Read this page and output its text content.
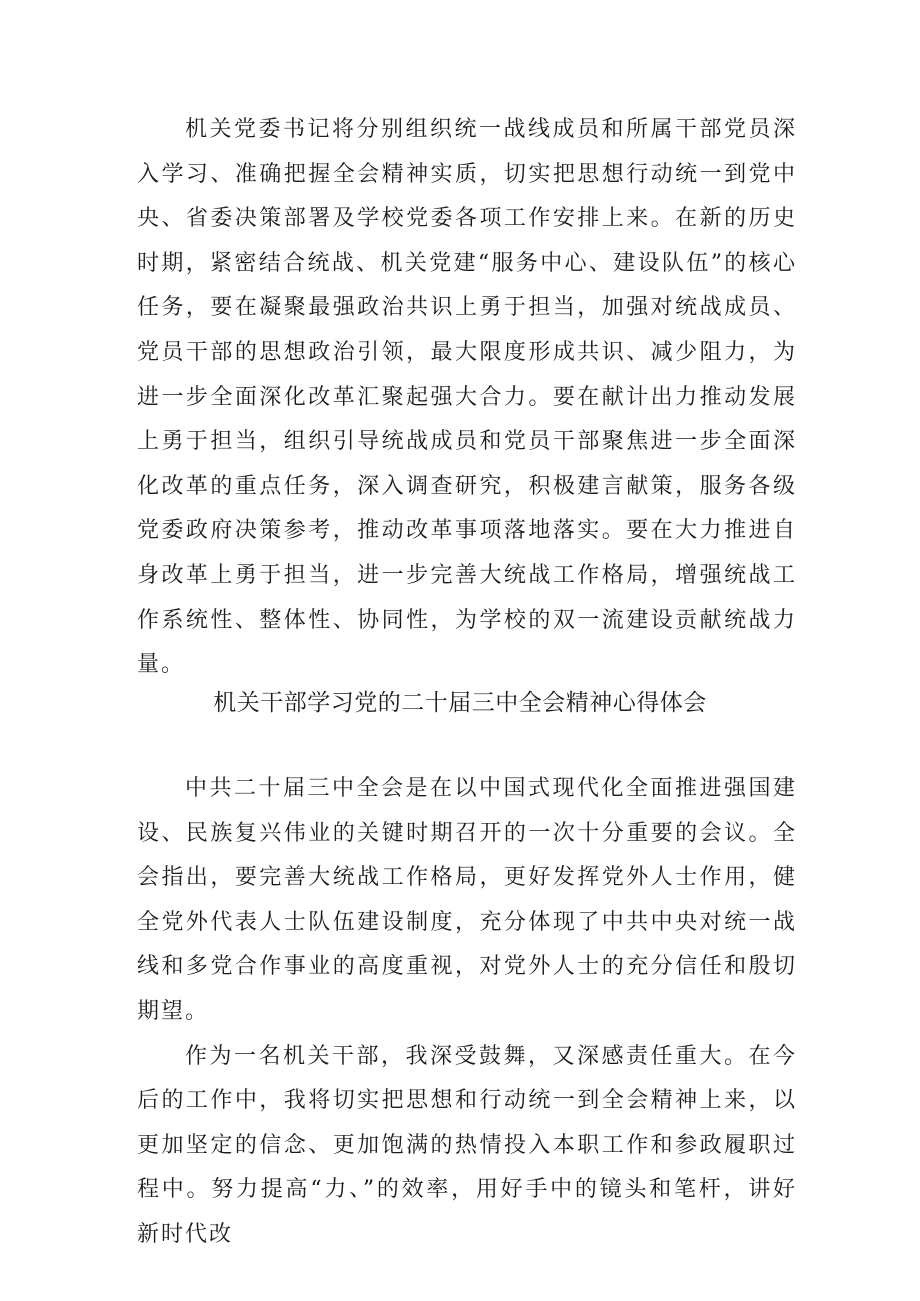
机关党委书记将分别组织统一战线成员和所属干部党员深入学习、准确把握全会精神实质，切实把思想行动统一到党中央、省委决策部署及学校党委各项工作安排上来。在新的历史时期，紧密结合统战、机关党建“服务中心、建设队伍”的核心任务，要在凝聚最强政治共识上勇于担当，加强对统战成员、党员干部的思想政治引领，最大限度形成共识、减少阻力，为进一步全面深化改革汇聚起强大合力。要在献计出力推动发展上勇于担当，组织引导统战成员和党员干部聚焦进一步全面深化改革的重点任务，深入调查研究，积极建言献策，服务各级党委政府决策参考，推动改革事项落地落实。要在大力推进自身改革上勇于担当，进一步完善大统战工作格局，增强统战工作系统性、整体性、协同性，为学校的双一流建设贡献统战力量。

机关干部学习党的二十届三中全会精神心得体会

中共二十届三中全会是在以中国式现代化全面推进强国建设、民族复兴伟业的关键时期召开的一次十分重要的会议。全会指出，要完善大统战工作格局，更好发挥党外人士作用，健全党外代表人士队伍建设制度，充分体现了中共中央对统一战线和多党合作事业的高度重视，对党外人士的充分信任和殷切期望。

作为一名机关干部，我深受鼓舞，又深感责任重大。在今后的工作中，我将切实把思想和行动统一到全会精神上来，以更加坚定的信念、更加饱满的热情投入本职工作和参政履职过程中。努力提高“力、”的效率，用好手中的镜头和笔杆，讲好新时代改
